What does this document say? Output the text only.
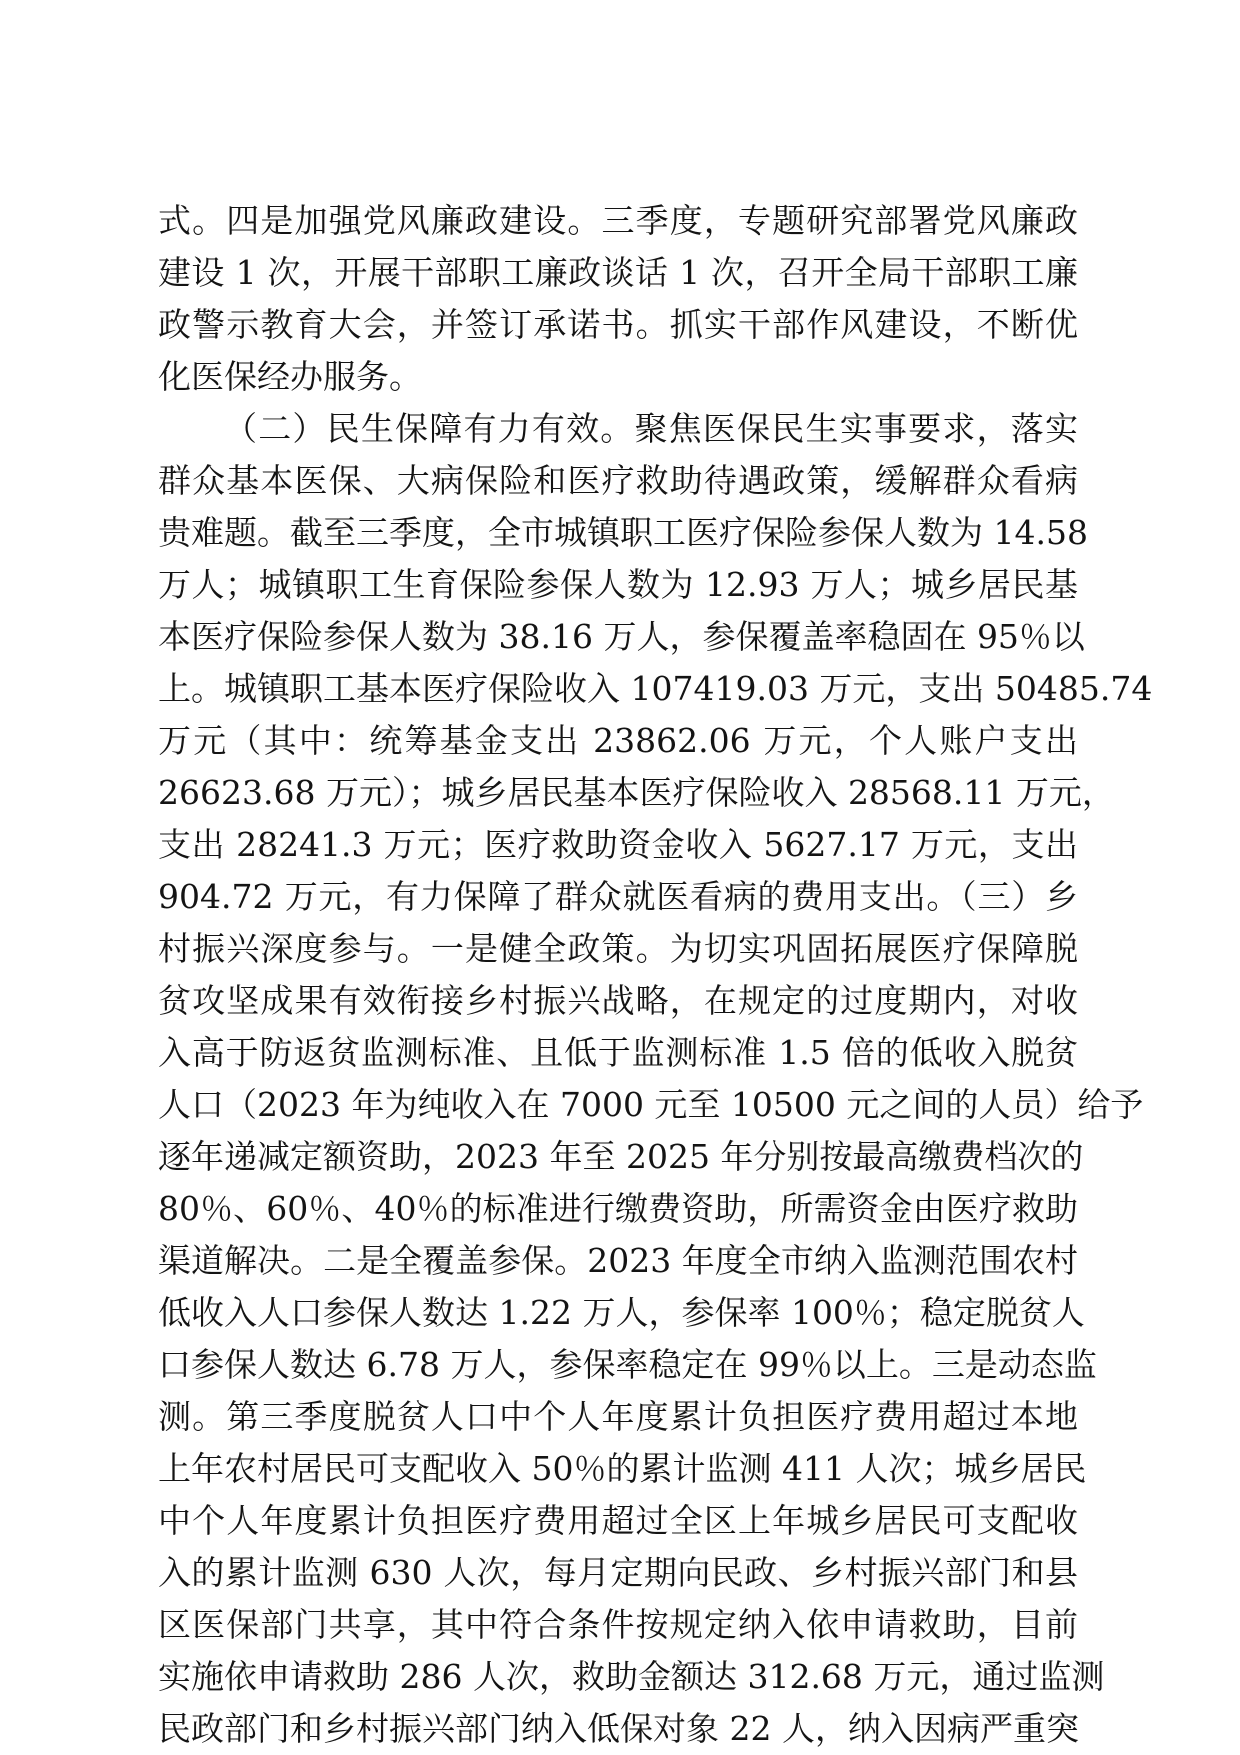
式。四是加强党风廉政建设。三季度，专题研究部署党风廉政
建设 1 次，开展干部职工廉政谈话 1 次，召开全局干部职工廉
政警示教育大会，并签订承诺书。抓实干部作风建设，不断优
化医保经办服务。
（二）民生保障有力有效。聚焦医保民生实事要求，落实
群众基本医保、大病保险和医疗救助待遇政策，缓解群众看病
贵难题。截至三季度，全市城镇职工医疗保险参保人数为 14.58
万人；城镇职工生育保险参保人数为 12.93 万人；城乡居民基
本医疗保险参保人数为 38.16 万人，参保覆盖率稳固在 95％以
上。城镇职工基本医疗保险收入 107419.03 万元，支出 50485.74
万元（其中：统筹基金支出 23862.06 万元，个人账户支出
26623.68 万元）；城乡居民基本医疗保险收入 28568.11 万元，
支出 28241.3 万元；医疗救助资金收入 5627.17 万元，支出
904.72 万元，有力保障了群众就医看病的费用支出。（三）乡
村振兴深度参与。一是健全政策。为切实巩固拓展医疗保障脱
贫攻坚成果有效衔接乡村振兴战略，在规定的过度期内，对收
入高于防返贫监测标准、且低于监测标准 1.5 倍的低收入脱贫
人口（2023 年为纯收入在 7000 元至 10500 元之间的人员）给予
逐年递减定额资助，2023 年至 2025 年分别按最高缴费档次的
80％、60％、40％的标准进行缴费资助，所需资金由医疗救助
渠道解决。二是全覆盖参保。2023 年度全市纳入监测范围农村
低收入人口参保人数达 1.22 万人，参保率 100％；稳定脱贫人
口参保人数达 6.78 万人，参保率稳定在 99％以上。三是动态监
测。第三季度脱贫人口中个人年度累计负担医疗费用超过本地
上年农村居民可支配收入 50％的累计监测 411 人次；城乡居民
中个人年度累计负担医疗费用超过全区上年城乡居民可支配收
入的累计监测 630 人次，每月定期向民政、乡村振兴部门和县
区医保部门共享，其中符合条件按规定纳入依申请救助，目前
实施依申请救助 286 人次，救助金额达 312.68 万元，通过监测
民政部门和乡村振兴部门纳入低保对象 22 人，纳入因病严重突
